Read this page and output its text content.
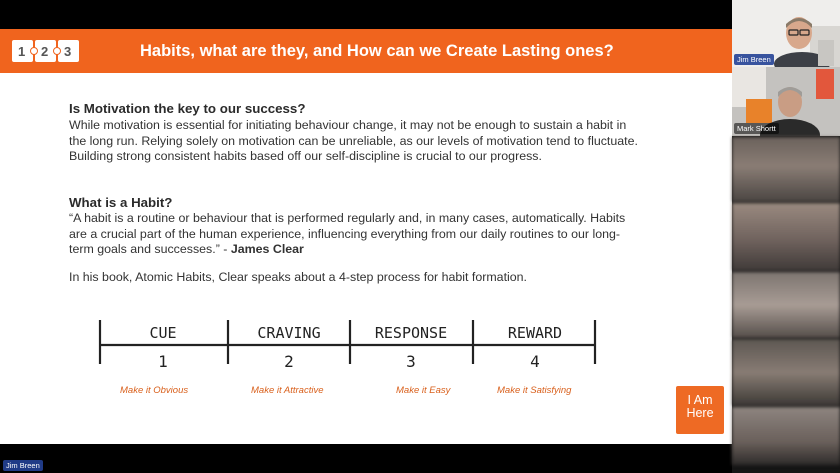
1 2 3	Habits, what are they, and How can we Create Lasting ones?
Is Motivation the key to our success?

While motivation is essential for initiating behaviour change, it may not be enough to sustain a habit in the long run. Relying solely on motivation can be unreliable, as our levels of motivation tend to fluctuate. Building strong consistent habits based off our self-discipline is crucial to our progress.

What is a Habit?

“A habit is a routine or behaviour that is performed regularly and, in many cases, automatically. Habits are a crucial part of the human experience, influencing everything from our daily routines to our long-term goals and successes.” - James Clear

In his book, Atomic Habits, Clear speaks about a 4-step process for habit formation.

CUE	CRAVING	RESPONSE	REWARD
1	2	3	4
Make it Obvious	Make it Attractive	Make it Easy	Make it Satisfying
I Am
Here
Jim Breen
Mark Shortt
Jim Breen
